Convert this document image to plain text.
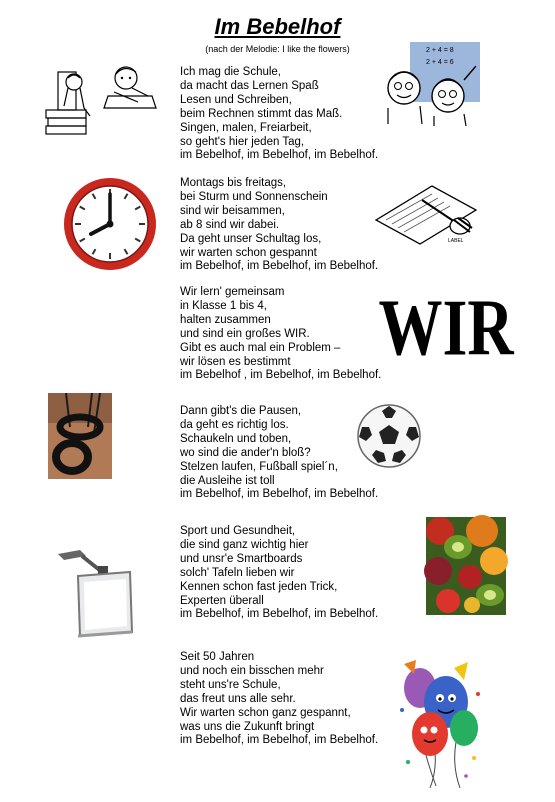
Im Bebelhof
(nach der Melodie: I like the flowers)
Ich mag die Schule,
da macht das Lernen Spaß
Lesen und Schreiben,
beim Rechnen stimmt das Maß.
Singen, malen, Freiarbeit,
so geht's hier jeden Tag,
im Bebelhof, im Bebelhof, im Bebelhof.
Montags bis freitags,
bei Sturm und Sonnenschein
sind wir beisammen,
ab 8 sind wir dabei.
Da geht unser Schultag los,
wir warten schon gespannt
im Bebelhof, im Bebelhof, im Bebelhof.
Wir lern' gemeinsam
in Klasse 1 bis 4,
halten zusammen
und sind ein großes WIR.
Gibt es auch mal ein Problem –
wir lösen es bestimmt
im Bebelhof , im Bebelhof, im Bebelhof.
Dann gibt's die Pausen,
da geht es richtig los.
Schaukeln und toben,
wo sind die ander'n bloß?
Stelzen laufen, Fußball spiel´n,
die Ausleihe ist toll
im Bebelhof, im Bebelhof, im Bebelhof.
Sport und Gesundheit,
die sind ganz wichtig hier
und unsr'e Smartboards
solch' Tafeln lieben wir
Kennen schon fast jeden Trick,
Experten überall
im Bebelhof, im Bebelhof, im Bebelhof.
Seit 50 Jahren
und noch ein bisschen mehr
steht uns're Schule,
das freut uns alle sehr.
Wir warten schon ganz gespannt,
was uns die Zukunft bringt
im Bebelhof, im Bebelhof, im Bebelhof.
2 + 4 = 8
2 + 4 = 6
LABEL
WIR
